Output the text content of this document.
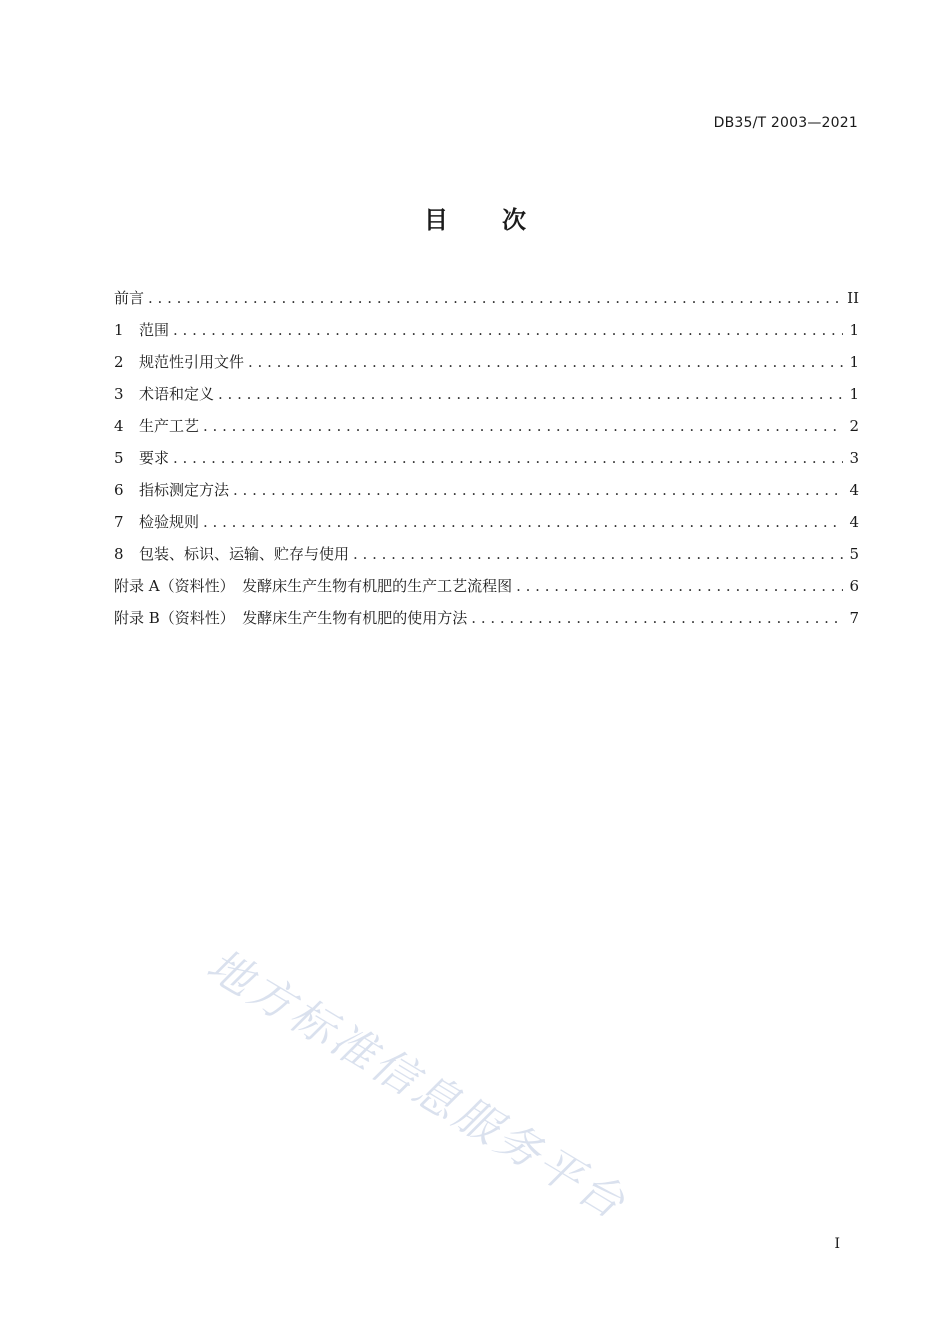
DB35/T 2003—2021
目 次
前言 . . .	II
1	范围 . . .	1
2	规范性引用文件 . . .	1
3	术语和定义 . . .	1
4	生产工艺 . . .	2
5	要求 . . .	3
6	指标测定方法 . . .	4
7	检验规则 . . .	4
8	包装、标识、运输、贮存与使用 . . .	5
附录 A（资料性）　发酵床生产生物有机肥的生产工艺流程图 . . .	6
附录 B（资料性）　发酵床生产生物有机肥的使用方法 . . .	7
地方标准信息服务平台
I
